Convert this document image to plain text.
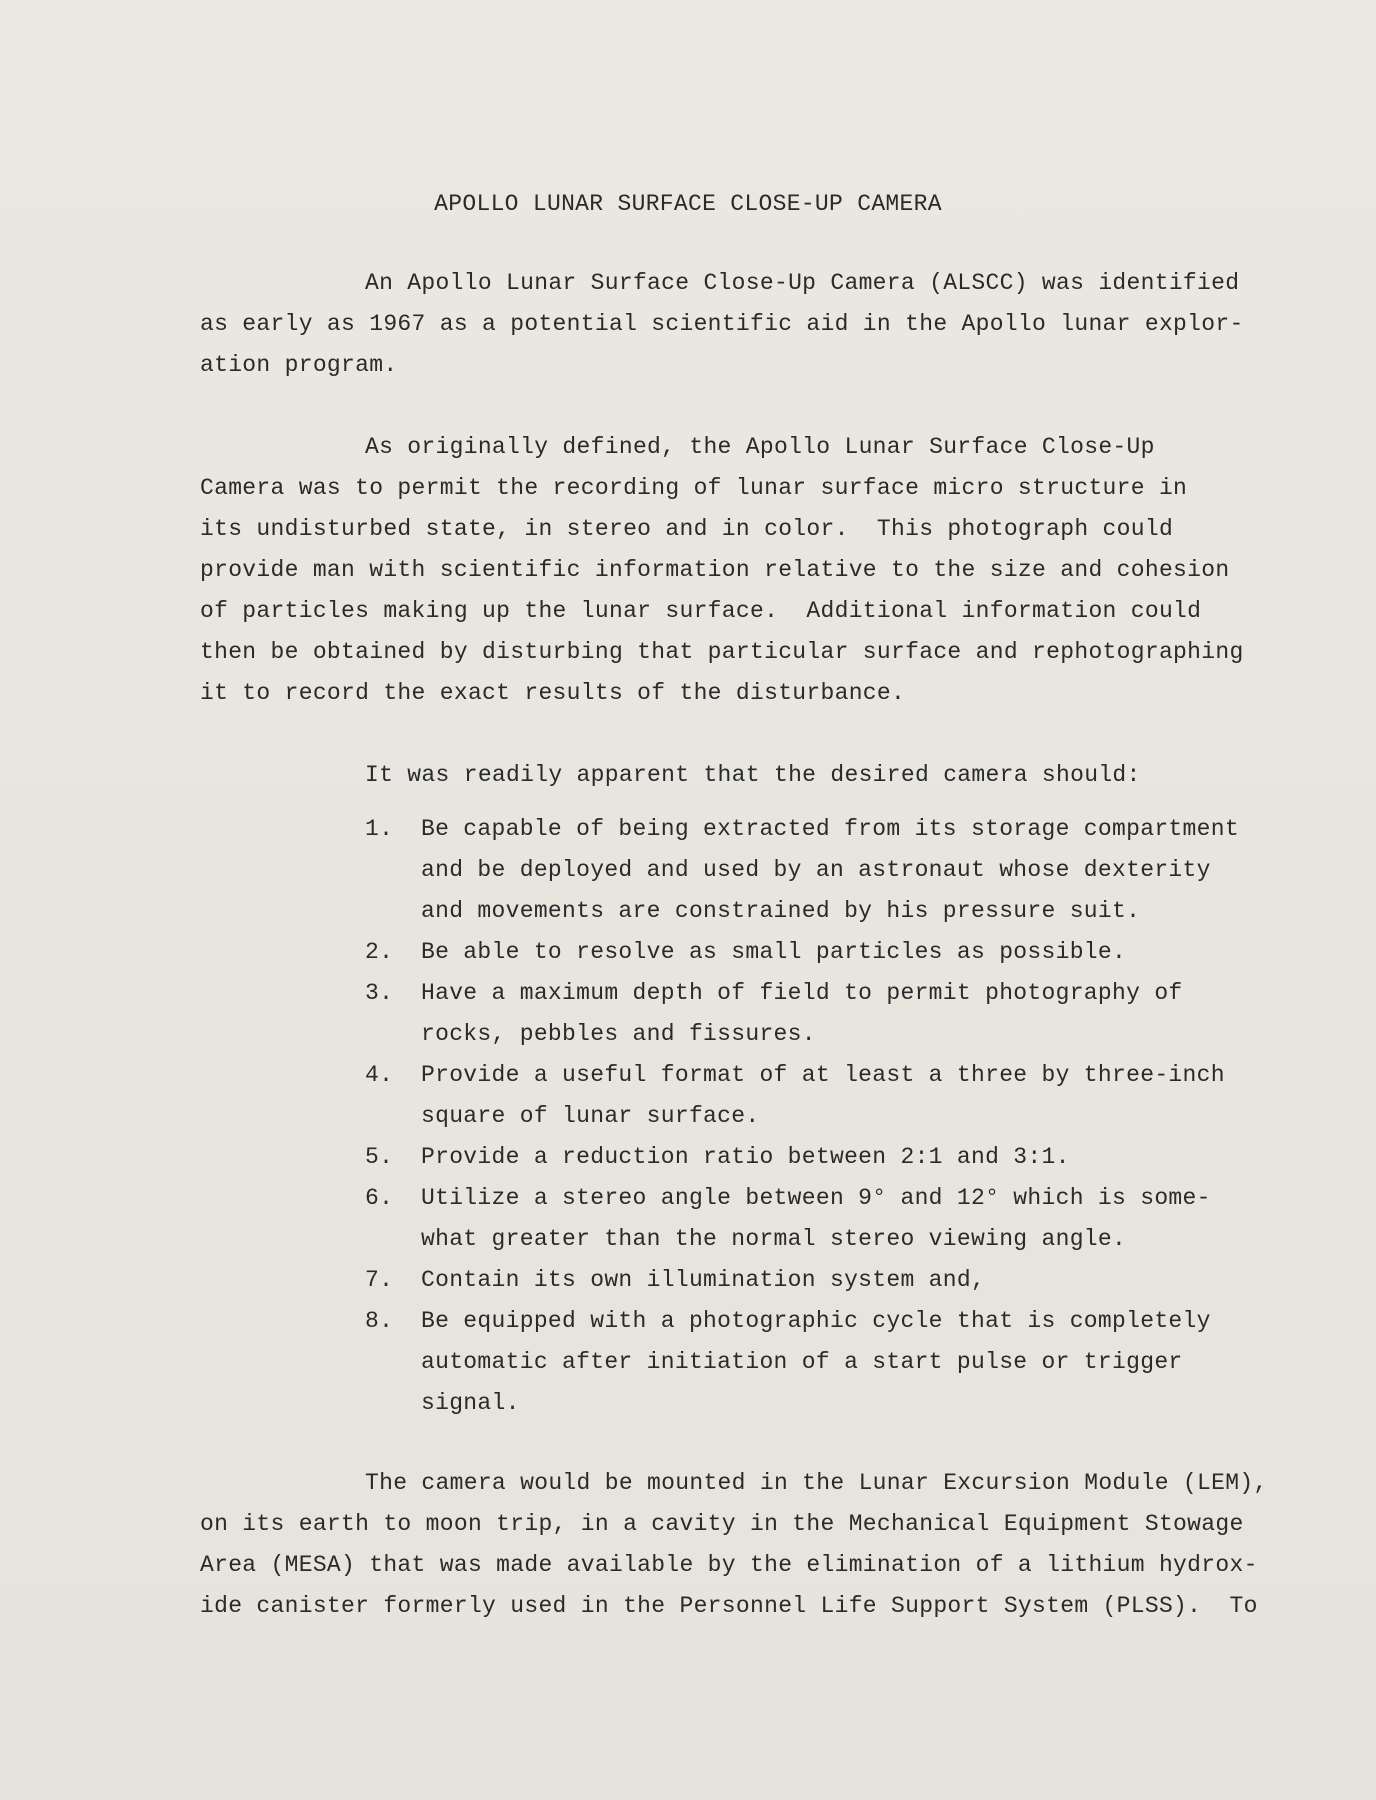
APOLLO LUNAR SURFACE CLOSE-UP CAMERA
An Apollo Lunar Surface Close-Up Camera (ALSCC) was identified
as early as 1967 as a potential scientific aid in the Apollo lunar explor-
ation program.
As originally defined, the Apollo Lunar Surface Close-Up
Camera was to permit the recording of lunar surface micro structure in
its undisturbed state, in stereo and in color.  This photograph could
provide man with scientific information relative to the size and cohesion
of particles making up the lunar surface.  Additional information could
then be obtained by disturbing that particular surface and rephotographing
it to record the exact results of the disturbance.
It was readily apparent that the desired camera should:
1.	Be capable of being extracted from its storage compartment
and be deployed and used by an astronaut whose dexterity
and movements are constrained by his pressure suit.
2.	Be able to resolve as small particles as possible.
3.	Have a maximum depth of field to permit photography of
rocks, pebbles and fissures.
4.	Provide a useful format of at least a three by three-inch
square of lunar surface.
5.	Provide a reduction ratio between 2:1 and 3:1.
6.	Utilize a stereo angle between 9° and 12° which is some-
what greater than the normal stereo viewing angle.
7.	Contain its own illumination system and,
8.	Be equipped with a photographic cycle that is completely
automatic after initiation of a start pulse or trigger
signal.
The camera would be mounted in the Lunar Excursion Module (LEM),
on its earth to moon trip, in a cavity in the Mechanical Equipment Stowage
Area (MESA) that was made available by the elimination of a lithium hydrox-
ide canister formerly used in the Personnel Life Support System (PLSS).  To
